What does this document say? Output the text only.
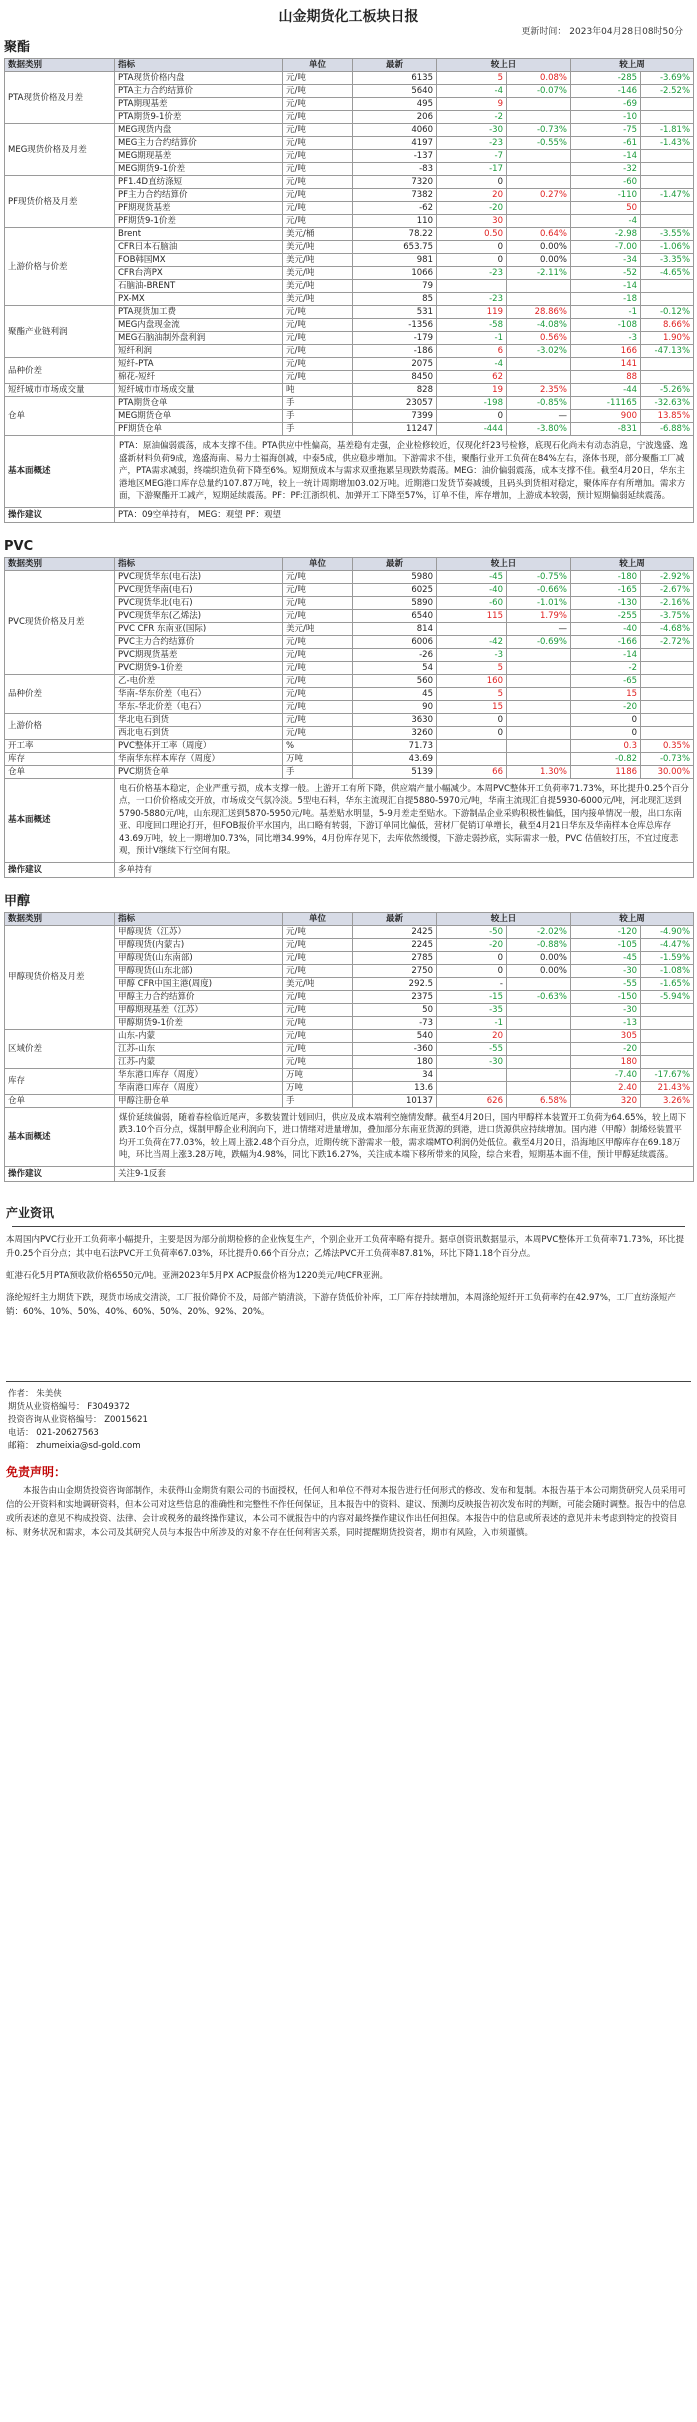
山金期货化工板块日报
更新时间： 2023年04月28日08时50分
聚酯
数据类别	指标	单位	最新	较上日		较上周	
PTA现货价格及月差	PTA现货价格内盘	元/吨	6135	5	0.08%	-285	-3.69%
	PTA主力合约结算价	元/吨	5640	-4	-0.07%	-146	-2.52%
	PTA期现基差	元/吨	495	9		-69	
	PTA期货9-1价差	元/吨	206	-2		-10	
MEG现货价格及月差	MEG现货内盘	元/吨	4060	-30	-0.73%	-75	-1.81%
	MEG主力合约结算价	元/吨	4197	-23	-0.55%	-61	-1.43%
	MEG期现基差	元/吨	-137	-7		-14	
	MEG期货9-1价差	元/吨	-83	-17		-32	
PF现货价格及月差	PF1.4D直纺涤短	元/吨	7320	0		-60	
	PF主力合约结算价	元/吨	7382	20	0.27%	-110	-1.47%
	PF期现货基差	元/吨	-62	-20		50	
	PF期货9-1价差	元/吨	110	30		-4	
上游价格与价差	Brent	美元/桶	78.22	0.50	0.64%	-2.98	-3.55%
	CFR日本石脑油	美元/吨	653.75	0	0.00%	-7.00	-1.06%
	FOB韩国MX	美元/吨	981	0	0.00%	-34	-3.35%
	CFR台湾PX	美元/吨	1066	-23	-2.11%	-52	-4.65%
	石脑油-BRENT	美元/吨	79			-14	
	PX-MX	美元/吨	85	-23		-18	
聚酯产业链利润	PTA现货加工费	元/吨	531	119	28.86%	-1	-0.12%
	MEG内盘现金流	元/吨	-1356	-58	-4.08%	-108	8.66%
	MEG石脑油制外盘利润	元/吨	-179	-1	0.56%	-3	1.90%
	短纤利润	元/吨	-186	6	-3.02%	166	-47.13%
品种价差	短纤-PTA	元/吨	2075	-4		141	
	棉花-短纤	元/吨	8450	62		88	
短纤城市市场成交量	短纤城市市场成交量	吨	828	19	2.35%	-44	-5.26%
仓单	PTA期货仓单	手	23057	-198	-0.85%	-11165	-32.63%
	MEG期货仓单	手	7399	0	—	900	13.85%
	PF期货仓单	手	11247	-444	-3.80%	-831	-6.88%
基本面概述	PTA：原油偏弱震荡，成本支撑不佳。PTA供应中性偏高，基差稳有走强，企业检修较近，仅现化纤23号检修，底现石化尚未有动态消息，宁波逸盛、逸盛新材料负荷9成，逸盛海南、易力士福海创减，中泰5成，供应稳步增加。下游需求不佳，聚酯行业开工负荷在84%左右，涤体书现，部分聚酯工厂减产，PTA需求减弱，终端织造负荷下降至6%。短期预成本与需求双重拖累呈现跌势震荡。MEG：油价偏弱震荡，成本支撑不佳。截至4月20日，华东主港地区MEG港口库存总量约107.87万吨，较上一统计周期增加03.02万吨。近期港口发货节奏减缓，且码头到货相对稳定，聚体库存有所增加。需求方面，下游聚酯开工减产，短期延续震荡。PF：PF:江浙织机、加弹开工下降至57%，订单不佳，库存增加，上游成本较弱，预计短期偏弱延续震荡。						
操作建议	PTA：09空单持有， MEG：观望 PF：观望						
PVC
数据类别	指标	单位	最新	较上日		较上周	
PVC现货价格及月差	PVC现货华东(电石法)	元/吨	5980	-45	-0.75%	-180	-2.92%
	PVC现货华南(电石)	元/吨	6025	-40	-0.66%	-165	-2.67%
	PVC现货华北(电石)	元/吨	5890	-60	-1.01%	-130	-2.16%
	PVC现货华东(乙烯法)	元/吨	6540	115	1.79%	-255	-3.75%
	PVC CFR 东南亚(国际)	美元/吨	814		—	-40	-4.68%
	PVC主力合约结算价	元/吨	6006	-42	-0.69%	-166	-2.72%
	PVC期现货基差	元/吨	-26	-3		-14	
	PVC期货9-1价差	元/吨	54	5		-2	
品种价差	乙-电价差	元/吨	560	160		-65	
	华南-华东价差（电石）	元/吨	45	5		15	
	华东-华北价差（电石）	元/吨	90	15		-20	
上游价格	华北电石到货	元/吨	3630	0		0	
	西北电石到货	元/吨	3260	0		0	
开工率	PVC整体开工率（周度）	%	71.73			0.3	0.35%
库存	华南华东样本库存（周度）	万吨	43.69			-0.82	-0.73%
仓单	PVC期货仓单	手	5139	66	1.30%	1186	30.00%
基本面概述	电石价格基本稳定，企业严重亏损，成本支撑一般。上游开工有所下降，供应端产量小幅减少。本周PVC整体开工负荷率71.73%，环比提升0.25个百分点，一口价价格成交开放，市场成交气氛冷淡。5型电石料，华东主流现汇自提5880-5970元/吨，华南主流现汇自提5930-6000元/吨，河北现汇送到5790-5880元/吨，山东现汇送到5870-5950元/吨。基差贴水明显，5-9月差走至贴水。下游制品企业采购积极性偏低，国内接单情况一般，出口东南亚、印度回口理论打开，但FOB报价平水国内，出口略有转弱，下游订单同比偏低，营材厂促销订单增长，截至4月21日华东及华南样本仓库总库存43.69万吨，较上一期增加0.73%，同比增34.99%，4月份库存见下，去库依然缓慢，下游走弱抄底，实际需求一般，PVC 估值较打压，不宜过度悲观，预计V继续下行空间有限。						
操作建议	多单持有						
甲醇
数据类别	指标	单位	最新	较上日		较上周	
甲醇现货价格及月差	甲醇现货（江苏）	元/吨	2425	-50	-2.02%	-120	-4.90%
	甲醇现货(内蒙古)	元/吨	2245	-20	-0.88%	-105	-4.47%
	甲醇现货(山东南部)	元/吨	2785	0	0.00%	-45	-1.59%
	甲醇现货(山东北部)	元/吨	2750	0	0.00%	-30	-1.08%
	甲醇 CFR中国主港(周度)	美元/吨	292.5	-		-55	-1.65%
	甲醇主力合约结算价	元/吨	2375	-15	-0.63%	-150	-5.94%
	甲醇期现基差（江苏）	元/吨	50	-35		-30	
	甲醇期货9-1价差	元/吨	-73	-1		-13	
区域价差	山东-内蒙	元/吨	540	20		305	
	江苏-山东	元/吨	-360	-55		-20	
	江苏-内蒙	元/吨	180	-30		180	
库存	华东港口库存（周度）	万吨	34			-7.40	-17.67%
	华南港口库存（周度）	万吨	13.6			2.40	21.43%
仓单	甲醇注册仓单	手	10137	626	6.58%	320	3.26%
基本面概述	煤价延续偏弱，随着春检临近尾声，多数装置计划回归，供应及成本端利空施情发酵。截至4月20日，国内甲醇样本装置开工负荷为64.65%，较上周下跌3.10个百分点，煤制甲醇企业利润向下，进口情绪对进量增加，叠加部分东南亚货源的到港，进口货源供应持续增加。国内港（甲醇）制烯烃装置平均开工负荷在77.03%，较上周上涨2.48个百分点，近期传统下游需求一般，需求端MTO利润仍处低位。截至4月20日，沿海地区甲醇库存在69.18万吨，环比当周上涨3.28万吨，跌幅为4.98%，同比下跌16.27%，关注成本端下移所带来的风险，综合来看，短期基本面不佳，预计甲醇延续震荡。						
操作建议	关注9-1反套						
产业资讯

本周国内PVC行业开工负荷率小幅提升，主要是因为部分前期检修的企业恢复生产，个别企业开工负荷率略有提升。据卓创资讯数据显示，本周PVC整体开工负荷率71.73%，环比提升0.25个百分点；其中电石法PVC开工负荷率67.03%，环比提升0.66个百分点；乙烯法PVC开工负荷率87.81%，环比下降1.18个百分点。

虹港石化5月PTA预收款价格6550元/吨。亚洲2023年5月PX ACP报盘价格为1220美元/吨CFR亚洲。

涤纶短纤主力期货下跌，现货市场成交清淡，工厂报价降价不及，局部产销清淡，下游存货低价补库，工厂库存持续增加，本周涤纶短纤开工负荷率约在42.97%，工厂直纺涤短产销：60%、10%、50%、40%、60%、50%、20%、92%、20%。

作者： 朱美侠
期货从业资格编号： F3049372
投资咨询从业资格编号： Z0015621
电话： 021-20627563
邮箱： zhumeixia@sd-gold.com
免责声明：
本报告由山金期货投资咨询部制作，未获得山金期货有限公司的书面授权，任何人和单位不得对本报告进行任何形式的修改、发布和复制。本报告基于本公司期货研究人员采用可信的公开资料和实地调研资料，但本公司对这些信息的准确性和完整性不作任何保证，且本报告中的资料、建议、预测均反映报告初次发布时的判断，可能会随时调整。报告中的信息或所表述的意见不构成投资、法律、会计或税务的最终操作建议，本公司不就报告中的内容对最终操作建议作出任何担保。本报告中的信息或所表述的意见并未考虑到特定的投资目标、财务状况和需求，本公司及其研究人员与本报告中所涉及的对象不存在任何利害关系，同时提醒期货投资者，期市有风险，入市须谨慎。
